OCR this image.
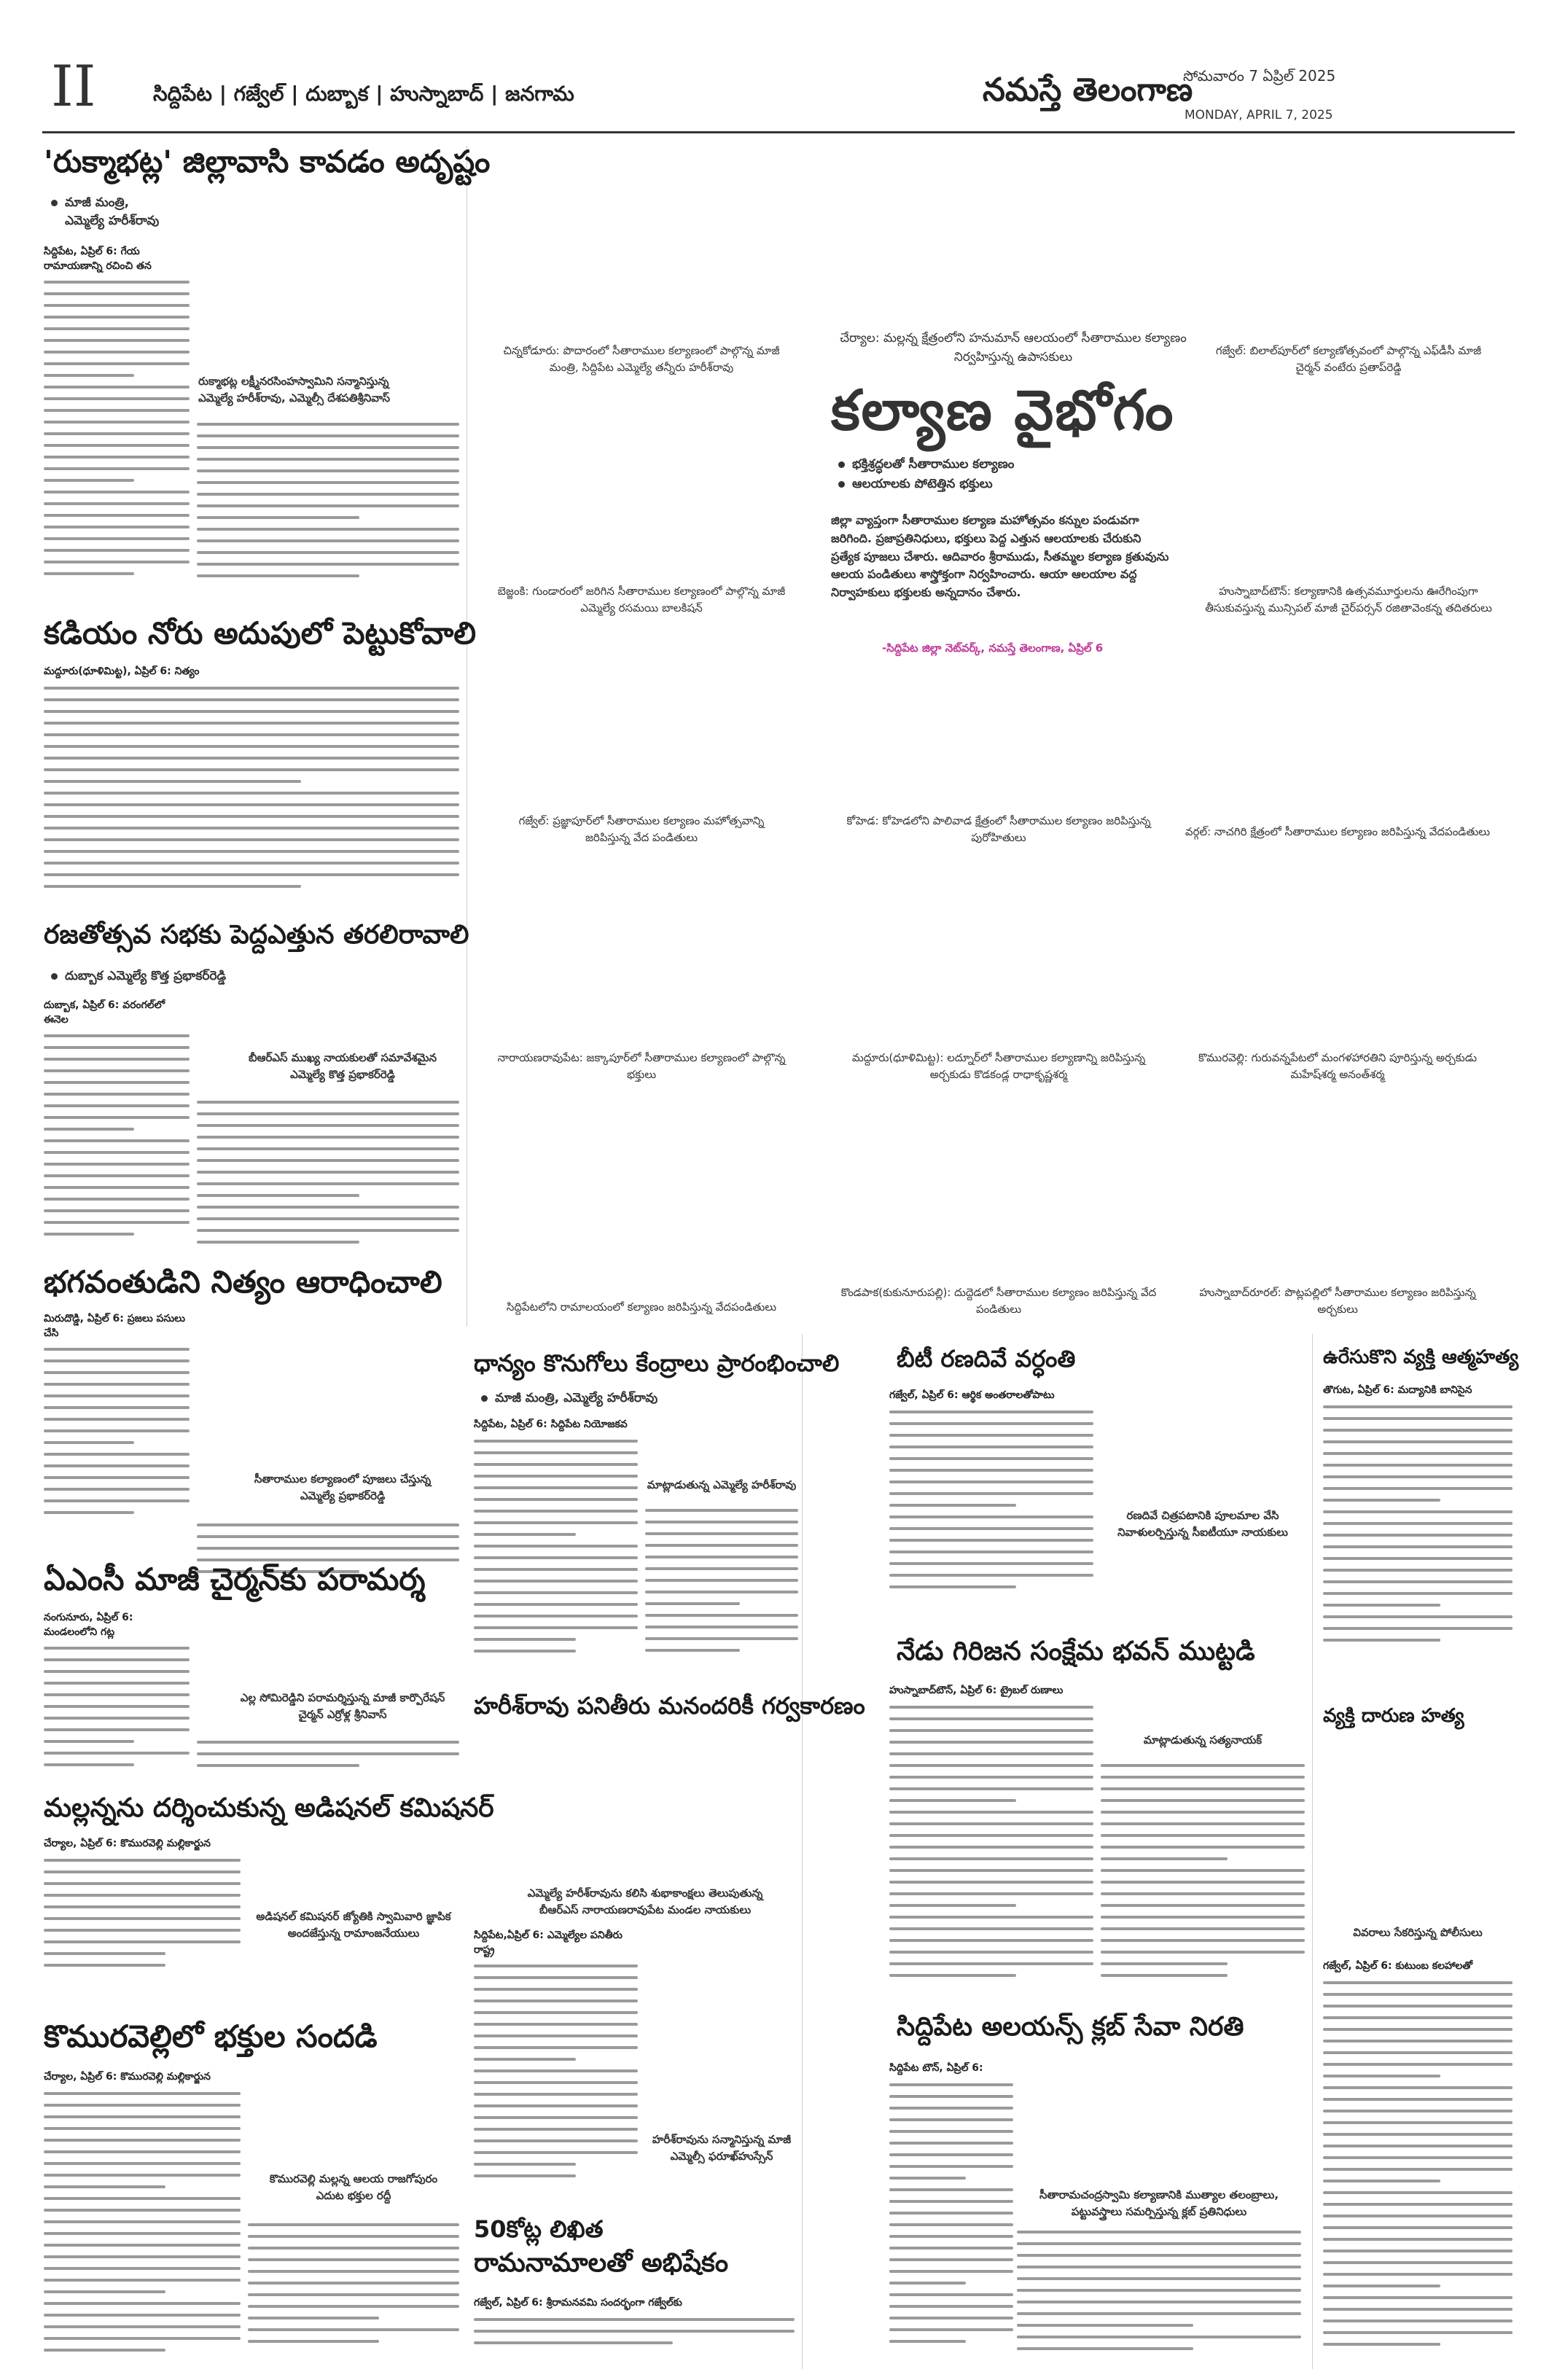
II	సిద్దిపేట | గజ్వేల్ | దుబ్బాక | హుస్నాబాద్ | జనగామ	నమస్తే తెలంగాణ
సోమవారం 7 ఏప్రిల్ 2025
MONDAY, APRIL 7, 2025
'రుక్మాభట్ల' జిల్లావాసి కావడం అదృష్టం
మాజీ మంత్రి,
ఎమ్మెల్యే హరీశ్‌రావు
సిద్దిపేట, ఏప్రిల్ 6: గేయ రామాయణాన్ని రచించి తన
రుక్మాభట్ల లక్ష్మీనరసింహస్వామిని సన్మానిస్తున్న ఎమ్మెల్యే హరీశ్‌రావు, ఎమ్మెల్సీ దేశపతిశ్రీనివాస్
కడియం నోరు అదుపులో పెట్టుకోవాలి
మద్దూరు(ధూళిమిట్ట), ఏప్రిల్ 6: నిత్యం
రజతోత్సవ సభకు పెద్దఎత్తున తరలిరావాలి
దుబ్బాక ఎమ్మెల్యే కొత్త ప్రభాకర్‌రెడ్డి
దుబ్బాక, ఏప్రిల్ 6: వరంగల్‌లో ఈనెల
బీఆర్‌ఎస్ ముఖ్య నాయకులతో సమావేశమైన ఎమ్మెల్యే కొత్త ప్రభాకర్‌రెడ్డి
భగవంతుడిని నిత్యం ఆరాధించాలి
మిరుదొడ్డి, ఏప్రిల్ 6: ప్రజలు పసులు చేసి
సీతారాముల కల్యాణంలో పూజలు చేస్తున్న ఎమ్మెల్యే ప్రభాకర్‌రెడ్డి
ఏఎంసీ మాజీ చైర్మన్‌కు పరామర్శ
నంగునూరు, ఏప్రిల్ 6: మండలంలోని గట్ల
ఎల్ల సోమిరెడ్డిని పరామర్శిస్తున్న మాజీ కార్పొరేషన్ చైర్మన్ ఎర్రోళ్ల శ్రీనివాస్
మల్లన్నను దర్శించుకున్న అడిషనల్ కమిషనర్
చేర్యాల, ఏప్రిల్ 6: కొమురవెల్లి మల్లికార్జున
అడిషనల్ కమిషనర్ జ్యోతికి స్వామివారి జ్ఞాపిక అందజేస్తున్న రామాంజనేయులు
కొమురవెల్లిలో భక్తుల సందడి
చేర్యాల, ఏప్రిల్ 6: కొమురవెల్లి మల్లికార్జున
కొమురవెల్లి మల్లన్న ఆలయ రాజగోపురం ఎదుట భక్తుల రద్దీ
చేర్యాల: మల్లన్న క్షేత్రంలోని హనుమాన్ ఆలయంలో సీతారాముల కల్యాణం నిర్వహిస్తున్న ఉపాసకులు
కల్యాణ వైభోగం
భక్తిశ్రద్ధలతో సీతారాముల కల్యాణం
ఆలయాలకు పోటెత్తిన భక్తులు
జిల్లా వ్యాప్తంగా సీతారాముల కల్యాణ మహోత్సవం కన్నుల పండువగా జరిగింది. ప్రజాప్రతినిధులు, భక్తులు పెద్ద ఎత్తున ఆలయాలకు చేరుకుని ప్రత్యేక పూజలు చేశారు. ఆదివారం శ్రీరాముడు, సీతమ్మల కల్యాణ క్రతువును ఆలయ పండితులు శాస్త్రోక్తంగా నిర్వహించారు. ఆయా ఆలయాల వద్ద నిర్వాహకులు భక్తులకు అన్నదానం చేశారు.
-సిద్దిపేట జిల్లా నెట్‌వర్క్, నమస్తే తెలంగాణ, ఏప్రిల్ 6
చిన్నకోడూరు: పొదారంలో సీతారాముల కల్యాణంలో పాల్గొన్న మాజీ మంత్రి, సిద్దిపేట ఎమ్మెల్యే తన్నీరు హరీశ్‌రావు
గజ్వేల్: బిలాల్‌పూర్‌లో కల్యాణోత్సవంలో పాల్గొన్న ఎఫ్‌డీసీ మాజీ చైర్మన్ వంటేరు ప్రతాప్‌రెడ్డి
బెజ్జంకి: గుండారంలో జరిగిన సీతారాముల కల్యాణంలో పాల్గొన్న మాజీ ఎమ్మెల్యే రసమయి బాలకిషన్
హుస్నాబాద్‌టౌన్: కల్యాణానికి ఉత్సవమూర్తులను ఊరేగింపుగా తీసుకువస్తున్న మున్సిపల్ మాజీ చైర్‌పర్సన్ రజితావెంకన్న తదితరులు
గజ్వేల్: ప్రజ్ఞాపూర్‌లో సీతారాముల కల్యాణం మహోత్సవాన్ని జరిపిస్తున్న వేద పండితులు
కోహెడ: కోహెడలోని పాలివాడ క్షేత్రంలో సీతారాముల కల్యాణం జరిపిస్తున్న పురోహితులు	వర్గల్: నాచగిరి క్షేత్రంలో సీతారాముల కల్యాణం జరిపిస్తున్న వేదపండితులు
నారాయణరావుపేట: జక్కాపూర్‌లో సీతారాముల కల్యాణంలో పాల్గొన్న భక్తులు
మద్దూరు(ధూళిమిట్ట): లద్నూర్‌లో సీతారాముల కల్యాణాన్ని జరిపిస్తున్న అర్చకుడు కొడకండ్ల రాధాకృష్ణశర్మ
కొమురవెల్లి: గురువన్నపేటలో మంగళహారతిని పూరిస్తున్న అర్చకుడు మహేష్‌శర్మ అనంత్‌శర్మ
సిద్దిపేటలోని రామాలయంలో కల్యాణం జరిపిస్తున్న వేదపండితులు
కొండపాక(కుకునూరుపల్లి): దుద్దెడలో సీతారాముల కల్యాణం జరిపిస్తున్న వేద పండితులు
హుస్నాబాద్‌రూరల్: పొట్లపల్లిలో సీతారాముల కల్యాణం జరిపిస్తున్న అర్చకులు
ధాన్యం కొనుగోలు కేంద్రాలు ప్రారంభించాలి
మాజీ మంత్రి, ఎమ్మెల్యే హరీశ్‌రావు
సిద్దిపేట, ఏప్రిల్ 6: సిద్దిపేట నియోజకవ
మాట్లాడుతున్న ఎమ్మెల్యే హరీశ్‌రావు
హరీశ్‌రావు పనితీరు మనందరికీ గర్వకారణం
ఎమ్మెల్యే హరీశ్‌రావును కలిసి శుభాకాంక్షలు తెలుపుతున్న బీఆర్‌ఎస్ నారాయణరావుపేట మండల నాయకులు
సిద్దిపేట,ఏప్రిల్ 6: ఎమ్మెల్యేల పనితీరు రాష్ట్ర
హరీశ్‌రావును సన్మానిస్తున్న మాజీ ఎమ్మెల్సీ ఫరూఖ్‌హుస్సేన్
50కోట్ల లిఖిత
రామనామాలతో అభిషేకం
గజ్వేల్, ఏప్రిల్ 6: శ్రీరామనవమి సందర్భంగా గజ్వేల్‌కు
బీటీ రణదివే వర్ధంతి
గజ్వేల్, ఏప్రిల్ 6: ఆర్థిక అంతరాలతోపాటు
రణదివే చిత్రపటానికి పూలమాల వేసి నివాళులర్పిస్తున్న సీఐటీయూ నాయకులు
నేడు గిరిజన సంక్షేమ భవన్ ముట్టడి
హుస్నాబాద్‌టౌన్, ఏప్రిల్ 6: ట్రైబల్ రుణాలు
మాట్లాడుతున్న సత్యనాయక్
సిద్దిపేట అలయన్స్ క్లబ్ సేవా నిరతి
సిద్దిపేట టౌన్, ఏప్రిల్ 6:
సీతారామచంద్రస్వామి కల్యాణానికి ముత్యాల తలంబ్రాలు, పట్టువస్త్రాలు సమర్పిస్తున్న క్లబ్ ప్రతినిధులు
ఉరేసుకొని వ్యక్తి ఆత్మహత్య
తొగుట, ఏప్రిల్ 6: మద్యానికి బానిసైన
వ్యక్తి దారుణ హత్య
వివరాలు సేకరిస్తున్న పోలీసులు
గజ్వేల్, ఏప్రిల్ 6: కుటుంబ కలహాలతో
